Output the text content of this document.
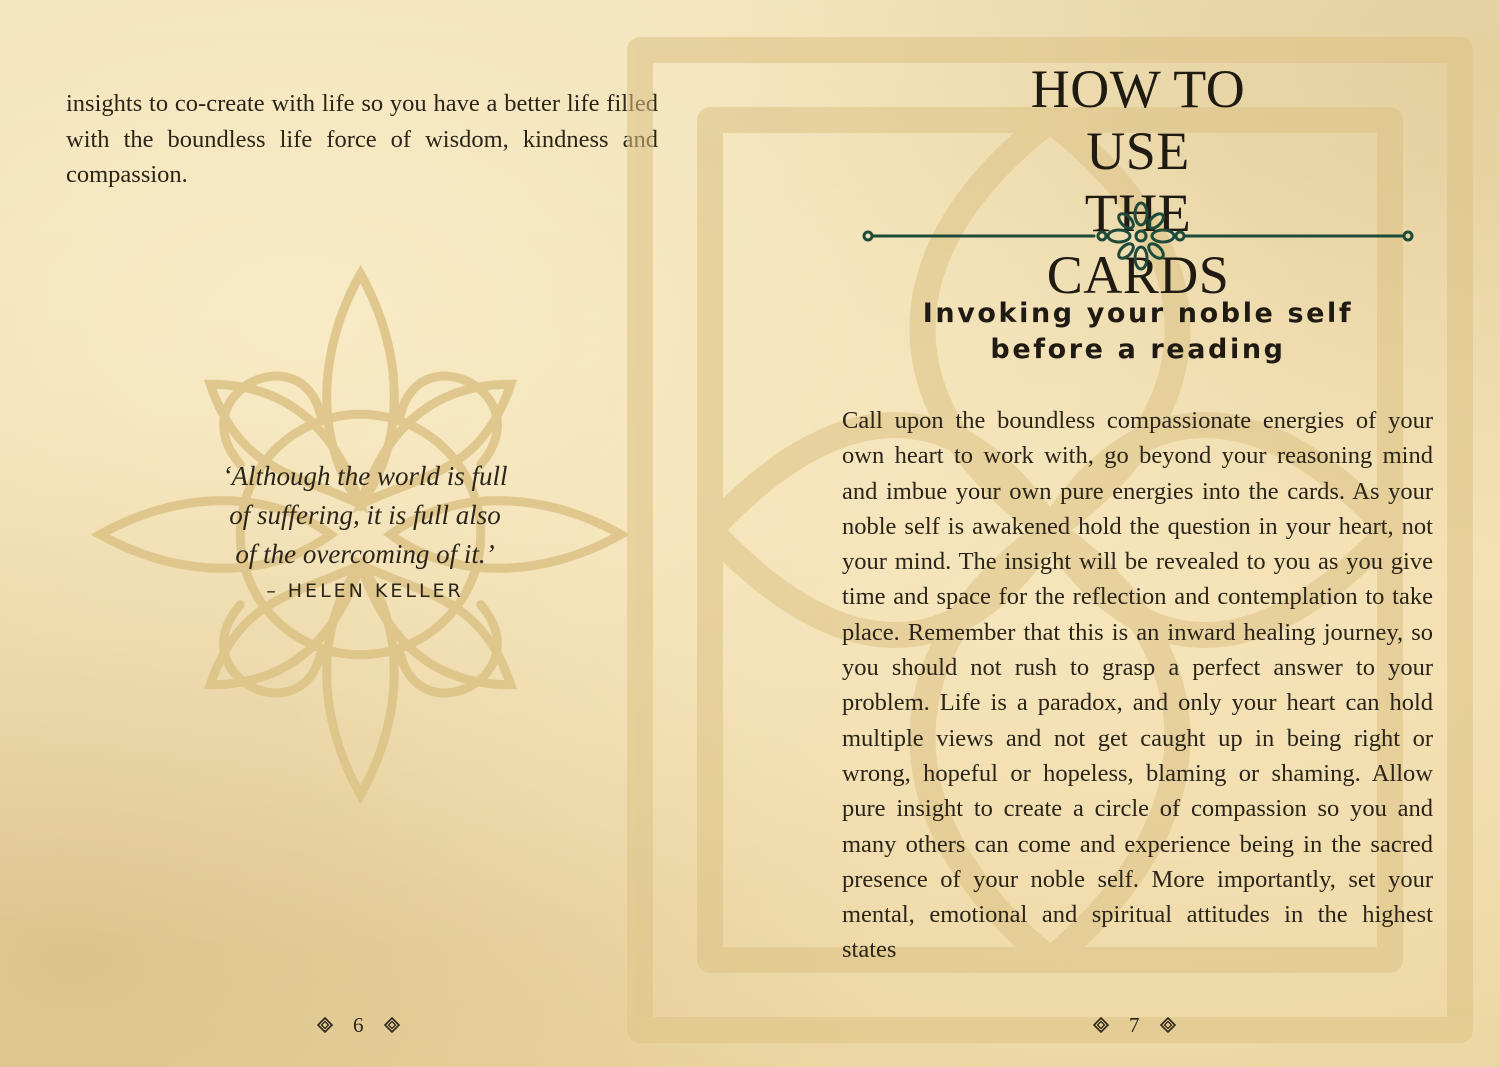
insights to co-create with life so you have a better life filled with the boundless life force of wisdom, kindness and compassion.

‘Although the world is full

of suffering, it is full also

of the overcoming of it.’

– HELEN KELLER
6
HOW TO USE
THE CARDS
Invoking your noble self
before a reading

Call upon the boundless compassionate energies of your own heart to work with, go beyond your reasoning mind and imbue your own pure energies into the cards. As your noble self is awakened hold the question in your heart, not your mind. The insight will be revealed to you as you give time and space for the reflection and contemplation to take place. Remember that this is an inward healing journey, so you should not rush to grasp a perfect answer to your problem. Life is a paradox, and only your heart can hold multiple views and not get caught up in being right or wrong, hopeful or hopeless, blaming or shaming. Allow pure insight to create a circle of compassion so you and many others can come and experience being in the sacred presence of your noble self. More importantly, set your mental, emotional and spiritual attitudes in the highest states

7
